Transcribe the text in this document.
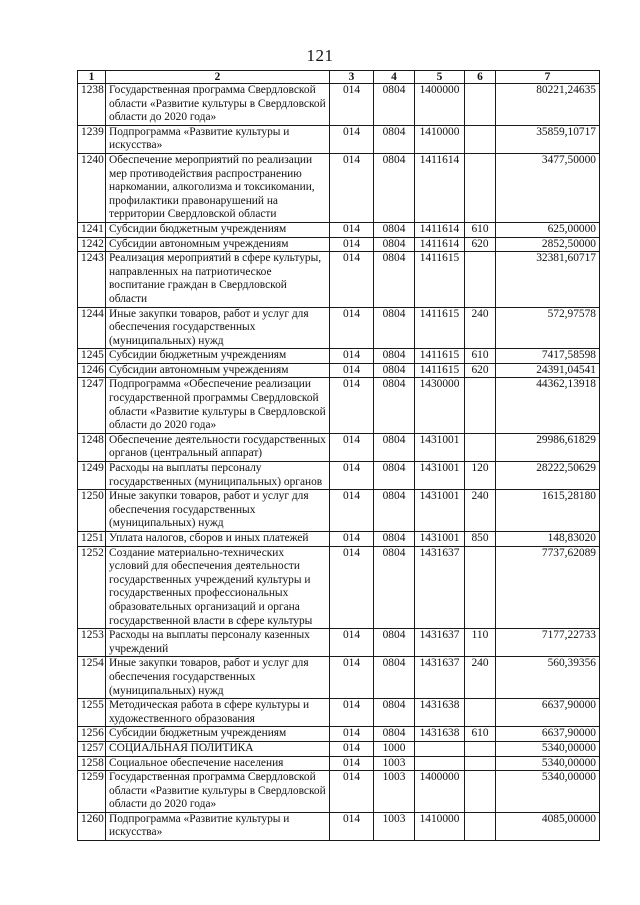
121
1	2	3	4	5	6	7
1238	Государственная программа Свердловской области «Развитие культуры в Свердловской области до 2020 года»	014	0804	1400000		80221,24635
1239	Подпрограмма «Развитие культуры и искусства»	014	0804	1410000		35859,10717
1240	Обеспечение мероприятий по реализации мер противодействия распространению наркомании, алкоголизма и токсикомании, профилактики правонарушений на территории Свердловской области	014	0804	1411614		3477,50000
1241	Субсидии бюджетным учреждениям	014	0804	1411614	610	625,00000
1242	Субсидии автономным учреждениям	014	0804	1411614	620	2852,50000
1243	Реализация мероприятий в сфере культуры, направленных на патриотическое воспитание граждан в Свердловской области	014	0804	1411615		32381,60717
1244	Иные закупки товаров, работ и услуг для обеспечения государственных (муниципальных) нужд	014	0804	1411615	240	572,97578
1245	Субсидии бюджетным учреждениям	014	0804	1411615	610	7417,58598
1246	Субсидии автономным учреждениям	014	0804	1411615	620	24391,04541
1247	Подпрограмма «Обеспечение реализации государственной программы Свердловской области «Развитие культуры в Свердловской области до 2020 года»	014	0804	1430000		44362,13918
1248	Обеспечение деятельности государственных органов (центральный аппарат)	014	0804	1431001		29986,61829
1249	Расходы на выплаты персоналу государственных (муниципальных) органов	014	0804	1431001	120	28222,50629
1250	Иные закупки товаров, работ и услуг для обеспечения государственных (муниципальных) нужд	014	0804	1431001	240	1615,28180
1251	Уплата налогов, сборов и иных платежей	014	0804	1431001	850	148,83020
1252	Создание материально-технических условий для обеспечения деятельности государственных учреждений культуры и государственных профессиональных образовательных организаций и органа государственной власти в сфере культуры	014	0804	1431637		7737,62089
1253	Расходы на выплаты персоналу казенных учреждений	014	0804	1431637	110	7177,22733
1254	Иные закупки товаров, работ и услуг для обеспечения государственных (муниципальных) нужд	014	0804	1431637	240	560,39356
1255	Методическая работа в сфере культуры и художественного образования	014	0804	1431638		6637,90000
1256	Субсидии бюджетным учреждениям	014	0804	1431638	610	6637,90000
1257	СОЦИАЛЬНАЯ ПОЛИТИКА	014	1000			5340,00000
1258	Социальное обеспечение населения	014	1003			5340,00000
1259	Государственная программа Свердловской области «Развитие культуры в Свердловской области до 2020 года»	014	1003	1400000		5340,00000
1260	Подпрограмма «Развитие культуры и искусства»	014	1003	1410000		4085,00000
